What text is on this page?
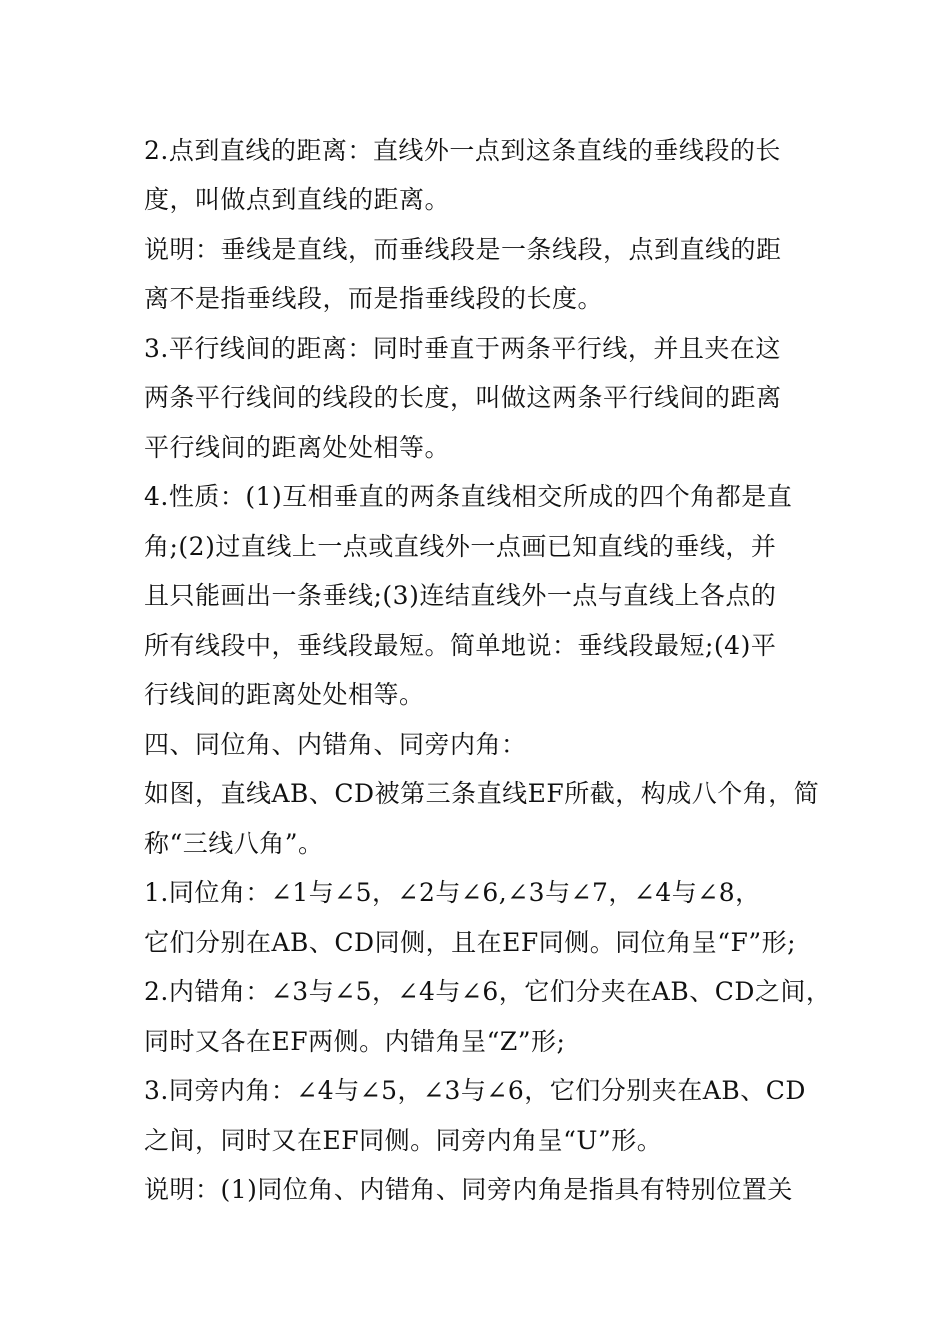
2.点到直线的距离：直线外一点到这条直线的垂线段的长
度，叫做点到直线的距离。
说明：垂线是直线，而垂线段是一条线段，点到直线的距
离不是指垂线段，而是指垂线段的长度。
3.平行线间的距离：同时垂直于两条平行线，并且夹在这
两条平行线间的线段的长度，叫做这两条平行线间的距离
平行线间的距离处处相等。
4.性质：(1)互相垂直的两条直线相交所成的四个角都是直
角;(2)过直线上一点或直线外一点画已知直线的垂线，并
且只能画出一条垂线;(3)连结直线外一点与直线上各点的
所有线段中，垂线段最短。简单地说：垂线段最短;(4)平
行线间的距离处处相等。
四、同位角、内错角、同旁内角：
如图，直线AB、CD被第三条直线EF所截，构成八个角，简
称“三线八角”。
1.同位角：∠1与∠5，∠2与∠6,∠3与∠7，∠4与∠8，
它们分别在AB、CD同侧，且在EF同侧。同位角呈“F”形;
2.内错角：∠3与∠5，∠4与∠6，它们分夹在AB、CD之间，
同时又各在EF两侧。内错角呈“Z”形;
3.同旁内角：∠4与∠5，∠3与∠6，它们分别夹在AB、CD
之间，同时又在EF同侧。同旁内角呈“U”形。
说明：(1)同位角、内错角、同旁内角是指具有特别位置关
